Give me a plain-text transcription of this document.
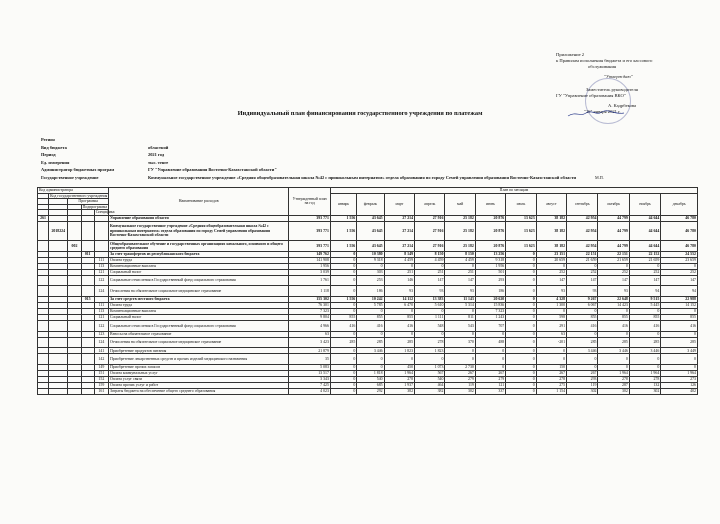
Приложение 2
к Правилам исполнения бюджета и его кассового
обслуживания
"Утверждаю"
Заместитель руководителя
ГУ "Управление образования ВКО"
А. Кадрбекова
"26" января 2021 г.
Индивидуальный план финансирования государственного учреждения по платежам
Регион
Вид бюджета	областной
Период	2021 год
Ед. измерения	тыс. тенге
Администратор бюджетных програм	ГУ "Управление образования Восточно-Казахстанской области"
Государственное учреждение	Коммунальное государственное учреждение «Средняя общеобразовательная школа №42 с пришкольным интернатом» отдела образования по городу Семей управления образования Восточно-Казахстанской области	М.П.
Код администратора					Наименование расходов	Утвержденный план на год	План по месяцам											
	Код государственного учреждения						январь	февраль	март	апрель	май	июнь	июль	август	сентябрь	октябрь	ноябрь	декабрь
		Программы																
			Подпрограмма															
				Специфика														
261					Управление образования области	393 771	1 556	43 645	27 214	27 916	25 182	20 876	13 623	38 182	42 954	44 799	44 644	46 780
	2018224				Коммунальное государственное учреждение «Средняя общеобразовательная школа №42 с пришкольным интернатом» отдела образования по городу Семей управления образования Восточно-Казахстанской области	393 771	1 556	43 645	27 214	27 916	25 182	20 876	13 623	38 182	42 954	44 799	44 644	46 780
		002			Общеобразовательное обучение и государственных организациях начального, основного и общего среднего образования	393 771	1 556	43 645	27 214	27 916	25 182	20 876	13 623	38 182	42 954	44 799	44 644	46 780
			011		За счет трансфертов из республиканского бюджета	149 762	0	10 380	8 149	8 150	8 150	13 256	0	23 151	22 151	22 151	22 152	24 552
				111	Оплата труда	141 908	0	9 318	4 459	4 459	4 459	9 318	0	20 659	21 659	21 659	21 659	23 659
				113	Компенсационные выплаты	1 956	0	0	0	0	0	1 956	0	0	0	0	0	0
				121	Социальный налог	3 039	0	303	251	251	251	501	0	252	252	252	252	252
				122	Социальные отчисления в Государственный фонд социального страхования	1 761	0	253	146	147	147	293	0	147	147	147	147	147
				124	Отчисления на обязательное социальное медицинское страхование	1 118	0	186	93	93	93	186	0	93	93	93	94	94
			015		За счет средств местного бюджета	155 302	1 556	10 242	14 112	13 383	11 143	20 620	0	4 328	9 267	22 648	9 515	22 988
				111	Оплата труда	76 301	0	5 785	6 470	5 610	5 314	15 836	0	1 300	6 067	14 423	5 445	14 152
				113	Компенсационные выплаты	7 323	0	0	0	0	0	7 323	0	0	0	0	0	0
				121	Социальный налог	9 804	855	855	855	1 111	811	1 243	0	598	855	855	855	855
				122	Социальные отчисления в Государственный фонд социального страхования	4 966	416	416	416	548	543	707	0	291	416	416	416	416
				123	Взносы на обязательное страхование	63	0	0	0	0	0	0	0	63	0	0	0	0
				124	Отчисления на обязательное социальное медицинское страхование	3 423	285	285	285	278	370	488	0	-201	285	285	285	285
				141	Приобретение продуктов питания	21 879	0	3 446	1 823	1 823	0	0	0	0	3 446	3 446	3 446	3 449
				142	Приобретение лекарственных средств и прочих изделий медицинского назначения	35	0	0	0	0	0	0	0	0	0	0	0	0
				149	Приобретение прочих запасов	5 083	0	0	450	1 073	2 730	0	0	150	0	0	0	0
				151	Оплата коммунальных услуг	13 517	0	1 818	1 964	567	267	267	0	267	267	1 964	1 964	1 964
				152	Оплата услуг связи	3 343	0	540	278	540	279	279	0	278	293	278	278	273
				159	Оплата прочих услуг и работ	7 425	0	685	1 937	464	119	121	0	275	119	287	132	126
				161	Затраты бюджета на обеспечение общего среднего образования	4 023	0	292	382	382	302	337	0	1 154	302	302	302	402
